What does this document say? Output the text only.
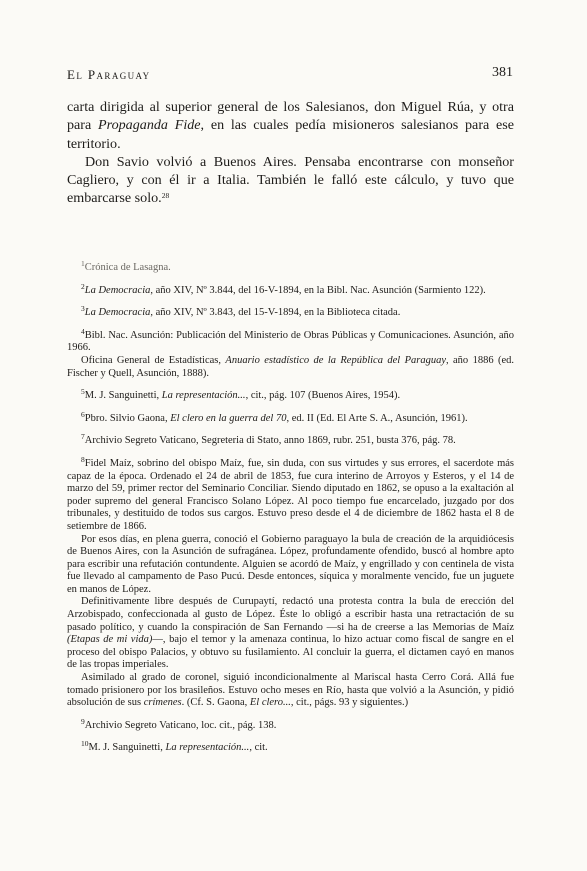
El Paraguay	381

carta dirigida al superior general de los Salesianos, don Miguel Rúa, y otra para Propaganda Fide, en las cuales pedía misioneros salesianos para ese territorio.

Don Savio volvió a Buenos Aires. Pensaba encontrarse con monseñor Cagliero, y con él ir a Italia. También le falló este cálculo, y tuvo que embarcarse solo.$^{28}$

$^1$Crónica de Lasagna.

$^2$La Democracia, año XIV, Nº 3.844, del 16-V-1894, en la Bibl. Nac. Asunción (Sarmiento 122).

$^3$La Democracia, año XIV, Nº 3.843, del 15-V-1894, en la Biblioteca citada.

$^4$Bibl. Nac. Asunción: Publicación del Ministerio de Obras Públicas y Comunicaciones. Asunción, año 1966.

Oficina General de Estadísticas, Anuario estadístico de la República del Paraguay, año 1886 (ed. Fischer y Quell, Asunción, 1888).

$^5$M. J. Sanguinetti, La representación..., cit., pág. 107 (Buenos Aires, 1954).

$^6$Pbro. Silvio Gaona, El clero en la guerra del 70, ed. II (Ed. El Arte S. A., Asunción, 1961).

$^7$Archivio Segreto Vaticano, Segreteria di Stato, anno 1869, rubr. 251, busta 376, pág. 78.

$^8$Fidel Maíz, sobrino del obispo Maíz, fue, sin duda, con sus virtudes y sus errores, el sacerdote más capaz de la época. Ordenado el 24 de abril de 1853, fue cura interino de Arroyos y Esteros, y el 14 de marzo del 59, primer rector del Seminario Conciliar. Siendo diputado en 1862, se opuso a la exaltación al poder supremo del general Francisco Solano López. Al poco tiempo fue encarcelado, juzgado por dos tribunales, y destituido de todos sus cargos. Estuvo preso desde el 4 de diciembre de 1862 hasta el 8 de setiembre de 1866.

Por esos días, en plena guerra, conoció el Gobierno paraguayo la bula de creación de la arquidiócesis de Buenos Aires, con la Asunción de sufragánea. López, profundamente ofendido, buscó al hombre apto para escribir una refutación contundente. Alguien se acordó de Maíz, y engrillado y con centinela de vista fue llevado al campamento de Paso Pucú. Desde entonces, síquica y moralmente vencido, fue un juguete en manos de López.

Definitivamente libre después de Curupaytí, redactó una protesta contra la bula de erección del Arzobispado, confeccionada al gusto de López. Éste lo obligó a escribir hasta una retractación de su pasado político, y cuando la conspiración de San Fernando —si ha de creerse a las Memorias de Maíz (Etapas de mi vida)—, bajo el temor y la amenaza continua, lo hizo actuar como fiscal de sangre en el proceso del obispo Palacios, y obtuvo su fusilamiento. Al concluir la guerra, el dictamen cayó en manos de las tropas imperiales.

Asimilado al grado de coronel, siguió incondicionalmente al Mariscal hasta Cerro Corá. Allá fue tomado prisionero por los brasileños. Estuvo ocho meses en Río, hasta que volvió a la Asunción, y pidió absolución de sus crímenes. (Cf. S. Gaona, El clero..., cit., págs. 93 y siguientes.)

$^9$Archivio Segreto Vaticano, loc. cit., pág. 138.

$^{10}$M. J. Sanguinetti, La representación..., cit.
